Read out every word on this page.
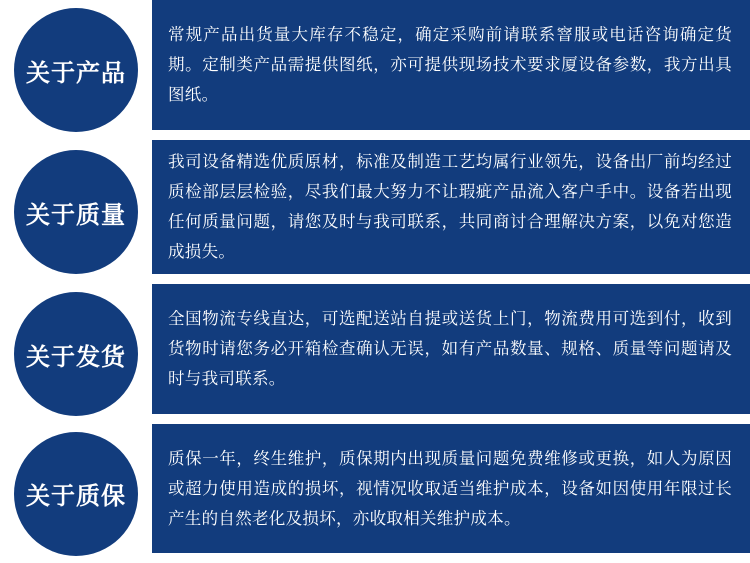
关于产品
常规产品出货量大库存不稳定，确定采购前请联系窨服或电话咨询确定货期。定制类产品需提供图纸，亦可提供现场技术要求厦设备参数，我方出具图纸。
关于质量
我司设备精选优质原材，标准及制造工艺均属行业领先，设备出厂前均经过质检部层层检验，尽我们最大努力不让瑕疵产品流入客户手中。设备若出现任何质量问题，请您及时与我司联系，共同商讨合理解决方案，以免对您造成损失。
关于发货
全国物流专线直达，可选配送站自提或送货上门，物流费用可选到付，收到货物时请您务必开箱检查确认无误，如有产品数量、规格、质量等问题请及时与我司联系。
关于质保
质保一年，终生维护，质保期内出现质量问题免费维修或更换，如人为原因或超力使用造成的损坏，视情况收取适当维护成本，设备如因使用年限过长产生的自然老化及损坏，亦收取相关维护成本。
